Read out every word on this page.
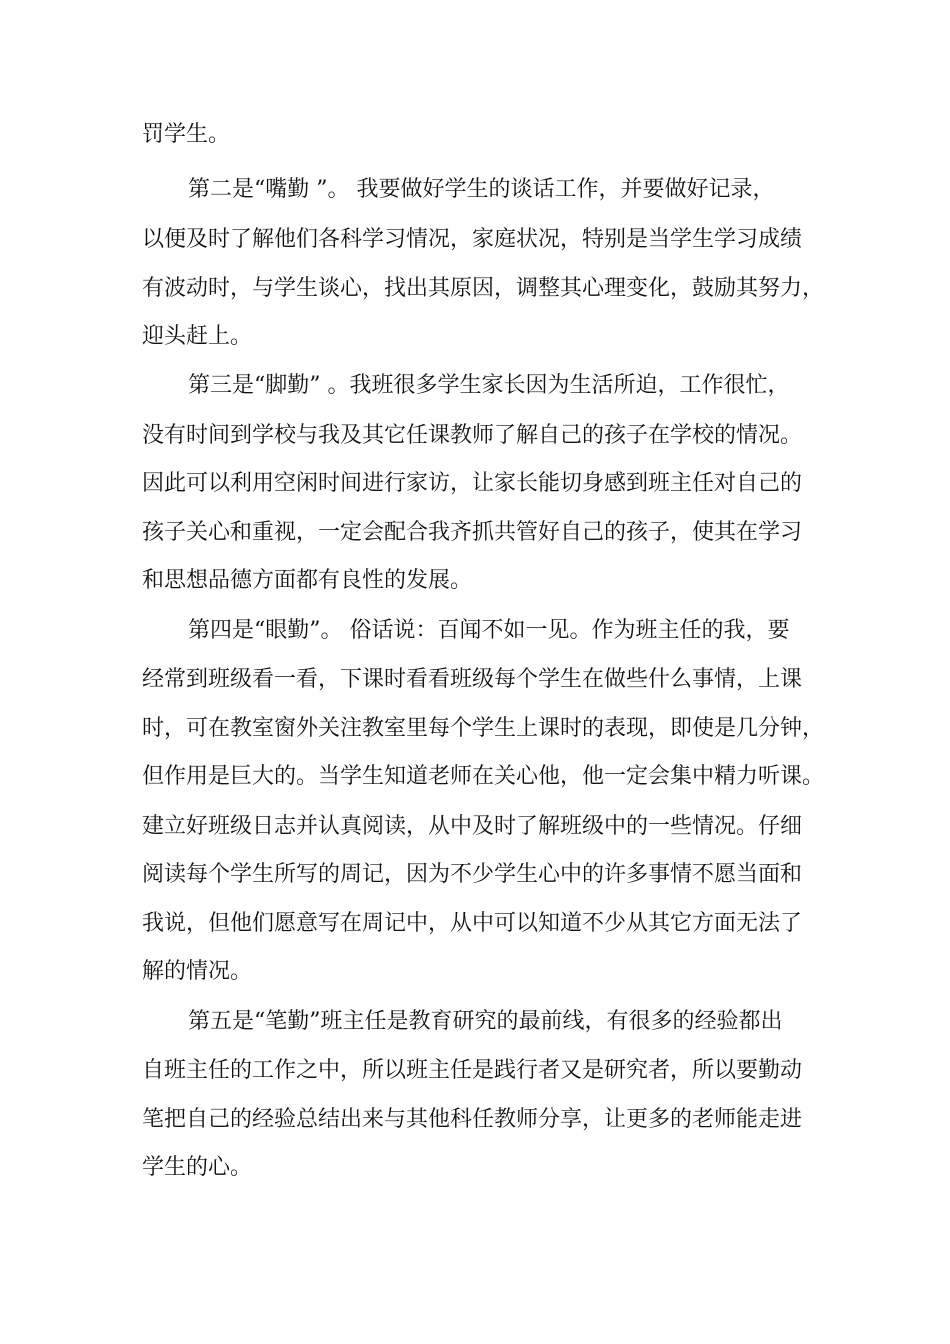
罚学生。
第二是“嘴勤 ”。 我要做好学生的谈话工作，并要做好记录，
以便及时了解他们各科学习情况，家庭状况，特别是当学生学习成绩
有波动时，与学生谈心，找出其原因，调整其心理变化，鼓励其努力，
迎头赶上。
第三是“脚勤” 。我班很多学生家长因为生活所迫，工作很忙，
没有时间到学校与我及其它任课教师了解自己的孩子在学校的情况。
因此可以利用空闲时间进行家访，让家长能切身感到班主任对自己的
孩子关心和重视，一定会配合我齐抓共管好自己的孩子，使其在学习
和思想品德方面都有良性的发展。
第四是“眼勤”。 俗话说：百闻不如一见。作为班主任的我，要
经常到班级看一看，下课时看看班级每个学生在做些什么事情，上课
时，可在教室窗外关注教室里每个学生上课时的表现，即使是几分钟，
但作用是巨大的。当学生知道老师在关心他，他一定会集中精力听课。
建立好班级日志并认真阅读，从中及时了解班级中的一些情况。仔细
阅读每个学生所写的周记，因为不少学生心中的许多事情不愿当面和
我说，但他们愿意写在周记中，从中可以知道不少从其它方面无法了
解的情况。
第五是“笔勤”班主任是教育研究的最前线，有很多的经验都出
自班主任的工作之中，所以班主任是践行者又是研究者，所以要勤动
笔把自己的经验总结出来与其他科任教师分享，让更多的老师能走进
学生的心。
